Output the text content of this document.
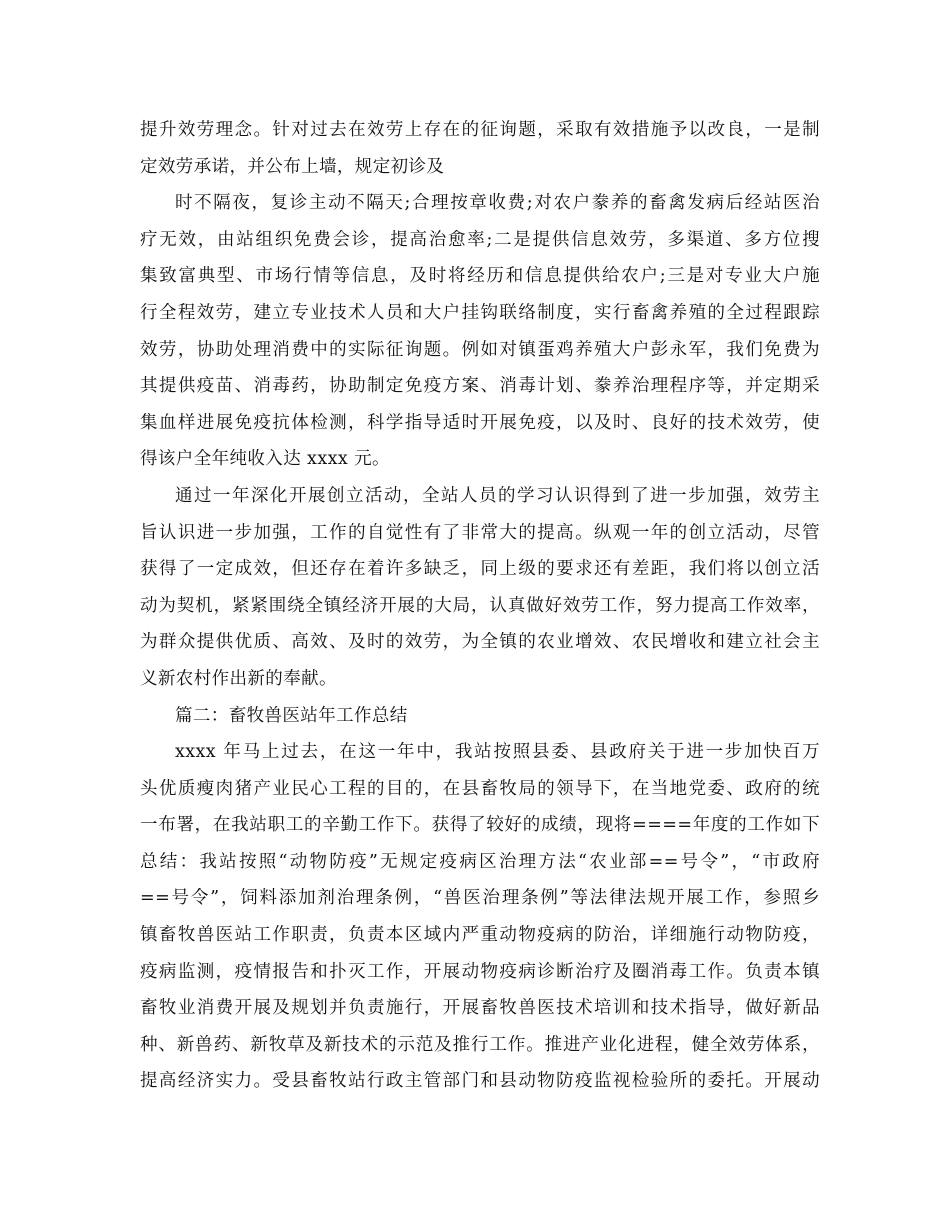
提升效劳理念。针对过去在效劳上存在的征询题，采取有效措施予以改良，一是制
定效劳承诺，并公布上墙，规定初诊及
时不隔夜，复诊主动不隔天;合理按章收费;对农户豢养的畜禽发病后经站医治
疗无效，由站组织免费会诊，提高治愈率;二是提供信息效劳，多渠道、多方位搜
集致富典型、市场行情等信息，及时将经历和信息提供给农户;三是对专业大户施
行全程效劳，建立专业技术人员和大户挂钩联络制度，实行畜禽养殖的全过程跟踪
效劳，协助处理消费中的实际征询题。例如对镇蛋鸡养殖大户彭永军，我们免费为
其提供疫苗、消毒药，协助制定免疫方案、消毒计划、豢养治理程序等，并定期采
集血样进展免疫抗体检测，科学指导适时开展免疫，以及时、良好的技术效劳，使
得该户全年纯收入达 xxxx 元。
通过一年深化开展创立活动，全站人员的学习认识得到了进一步加强，效劳主
旨认识进一步加强，工作的自觉性有了非常大的提高。纵观一年的创立活动，尽管
获得了一定成效，但还存在着许多缺乏，同上级的要求还有差距，我们将以创立活
动为契机，紧紧围绕全镇经济开展的大局，认真做好效劳工作，努力提高工作效率，
为群众提供优质、高效、及时的效劳，为全镇的农业增效、农民增收和建立社会主
义新农村作出新的奉献。
篇二：畜牧兽医站年工作总结
xxxx 年马上过去，在这一年中，我站按照县委、县政府关于进一步加快百万
头优质瘦肉猪产业民心工程的目的，在县畜牧局的领导下，在当地党委、政府的统
一布署，在我站职工的辛勤工作下。获得了较好的成绩，现将====年度的工作如下
总结：我站按照“动物防疫”无规定疫病区治理方法“农业部==号令”，“市政府
==号令”，饲料添加剂治理条例，“兽医治理条例”等法律法规开展工作，参照乡
镇畜牧兽医站工作职责，负责本区域内严重动物疫病的防治，详细施行动物防疫，
疫病监测，疫情报告和扑灭工作，开展动物疫病诊断治疗及圈消毒工作。负责本镇
畜牧业消费开展及规划并负责施行，开展畜牧兽医技术培训和技术指导，做好新品
种、新兽药、新牧草及新技术的示范及推行工作。推进产业化进程，健全效劳体系，
提高经济实力。受县畜牧站行政主管部门和县动物防疫监视检验所的委托。开展动
